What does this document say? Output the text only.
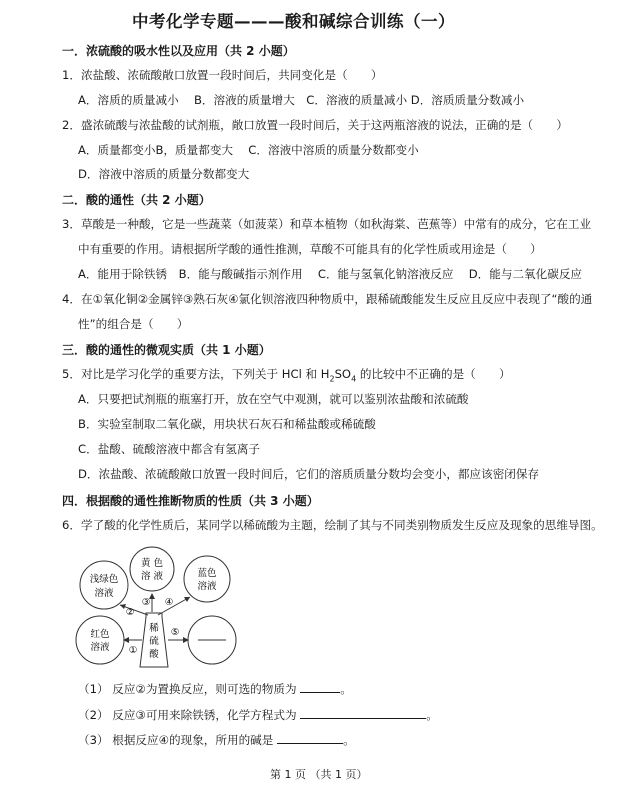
中考化学专题———酸和碱综合训练（一）
一．浓硫酸的吸水性以及应用（共 2 小题）
1．浓盐酸、浓硫酸敞口放置一段时间后，共同变化是（　　）
A．溶质的质量减小　 B．溶液的质量增大　C．溶液的质量减小 D．溶质质量分数减小
2．盛浓硫酸与浓盐酸的试剂瓶，敞口放置一段时间后，关于这两瓶溶液的说法，正确的是（　　）
A．质量都变小B，质量都变大　 C．溶液中溶质的质量分数都变小
D．溶液中溶质的质量分数都变大
二．酸的通性（共 2 小题）
3．草酸是一种酸，它是一些蔬菜（如菠菜）和草本植物（如秋海棠、芭蕉等）中常有的成分，它在工业
中有重要的作用。请根据所学酸的通性推测，草酸不可能具有的化学性质或用途是（　　）
A．能用于除铁锈　B．能与酸碱指示剂作用　 C．能与氢氧化钠溶液反应　 D．能与二氧化碳反应
4．在①氧化铜②金属锌③熟石灰④氯化钡溶液四种物质中，跟稀硫酸能发生反应且反应中表现了“酸的通
性”的组合是（　　）
三．酸的通性的微观实质（共 1 小题）
5．对比是学习化学的重要方法，下列关于 HCl 和 $H_2SO_4$ 的比较中不正确的是（　　）
A．只要把试剂瓶的瓶塞打开，放在空气中观测，就可以鉴别浓盐酸和浓硫酸
B．实验室制取二氧化碳，用块状石灰石和稀盐酸或稀硫酸
C．盐酸、硫酸溶液中都含有氢离子
D．浓盐酸、浓硫酸敞口放置一段时间后，它们的溶质质量分数均会变小，都应该密闭保存
四．根据酸的通性推断物质的性质（共 3 小题）
6．学了酸的化学性质后，某同学以稀硫酸为主题，绘制了其与不同类别物质发生反应及现象的思维导图。
浅绿色
溶液
黄 色
溶 液	蓝色
溶液
红色
溶液
稀
硫
酸
①
②
③ ④
⑤
（1） 反应②为置换反应，则可选的物质为	。
（2） 反应③可用来除铁锈，化学方程式为	。
（3） 根据反应④的现象，所用的碱是	。
第 1 页 （共 1 页）
